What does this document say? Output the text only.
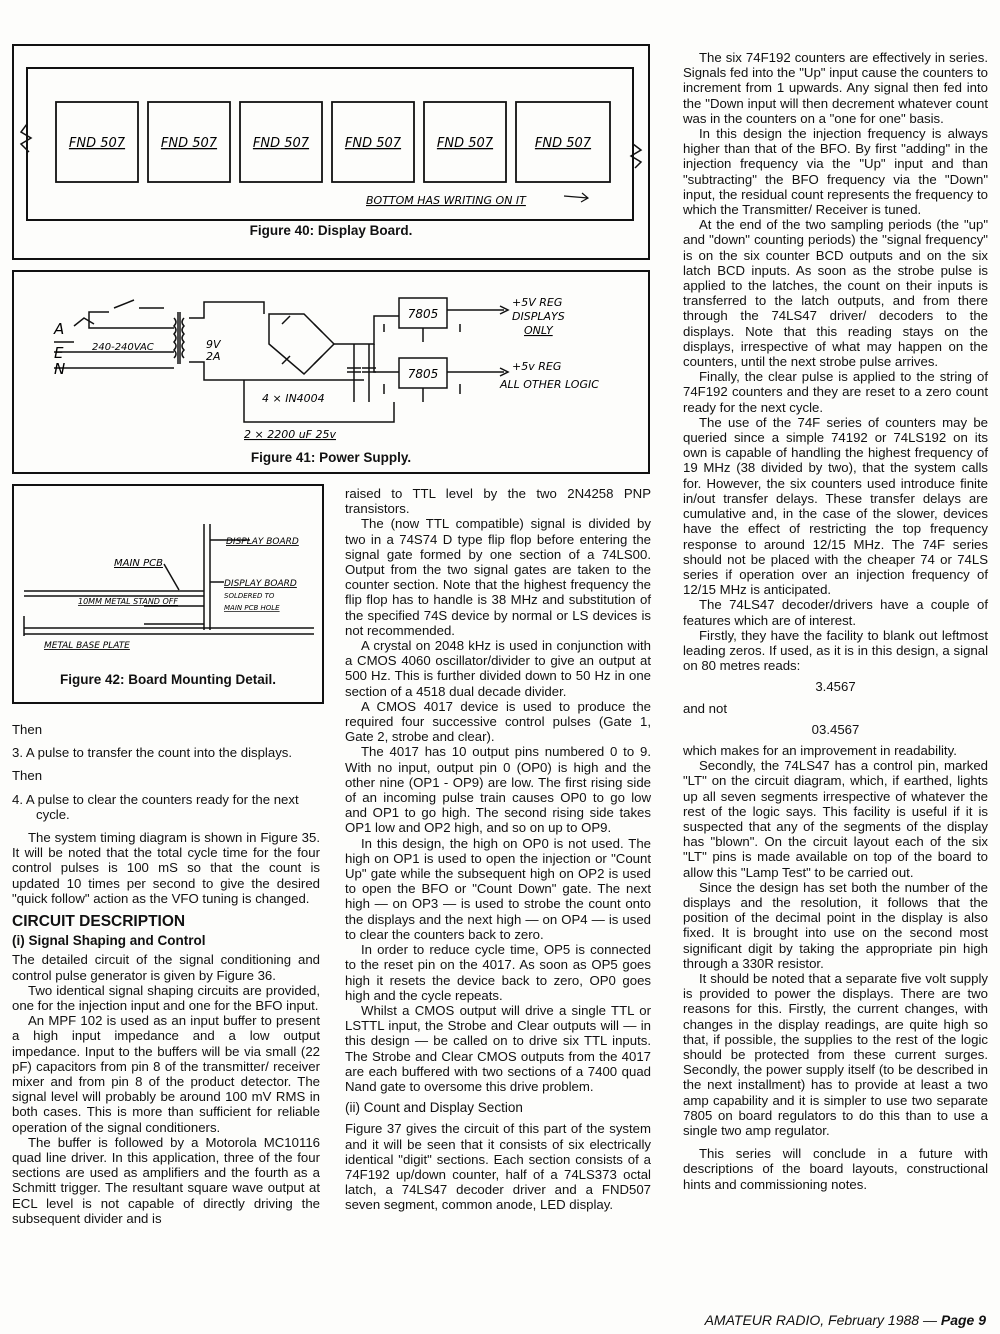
FND 507	FND 507	FND 507	FND 507	FND 507	FND 507
BOTTOM HAS WRITING ON IT
Figure 40: Display Board.
A
E
N
240-240VAC	9V
2A
4 × IN4004
2 × 2200 uF 25v
7805
7805
+5V REG
DISPLAYS
ONLY
+5v REG
ALL OTHER LOGIC
Figure 41: Power Supply.
DISPLAY BOARD
MAIN PCB
10MM METAL STAND OFF
DISPLAY BOARD
SOLDERED TO
MAIN PCB HOLE
METAL BASE PLATE
Figure 42: Board Mounting Detail.

Then

3. A pulse to transfer the count into the displays.

Then

4. A pulse to clear the counters ready for the next cycle.

The system timing diagram is shown in Figure 35. It will be noted that the total cycle time for the four control pulses is 100 mS so that the count is updated 10 times per second to give the desired "quick follow" action as the VFO tuning is changed.

CIRCUIT DESCRIPTION
(i) Signal Shaping and Control

The detailed circuit of the signal conditioning and control pulse generator is given by Figure 36.

Two identical signal shaping circuits are provided, one for the injection input and one for the BFO input.

An MPF 102 is used as an input buffer to present a high input impedance and a low output impedance. Input to the buffers will be via small (22 pF) capacitors from pin 8 of the transmitter/ receiver mixer and from pin 8 of the product detector. The signal level will probably be around 100 mV RMS in both cases. This is more than sufficient for reliable operation of the signal conditioners.

The buffer is followed by a Motorola MC10116 quad line driver. In this application, three of the four sections are used as amplifiers and the fourth as a Schmitt trigger. The resultant square wave output at ECL level is not capable of directly driving the subsequent divider and is

raised to TTL level by the two 2N4258 PNP transistors.

The (now TTL compatible) signal is divided by two in a 74S74 D type flip flop before entering the signal gate formed by one section of a 74LS00. Output from the two signal gates are taken to the counter section. Note that the highest frequency the flip flop has to handle is 38 MHz and substitution of the specified 74S device by normal or LS devices is not recommended.

A crystal on 2048 kHz is used in conjunction with a CMOS 4060 oscillator/divider to give an output at 500 Hz. This is further divided down to 50 Hz in one section of a 4518 dual decade divider.

A CMOS 4017 device is used to produce the required four successive control pulses (Gate 1, Gate 2, strobe and clear).

The 4017 has 10 output pins numbered 0 to 9. With no input, output pin 0 (OP0) is high and the other nine (OP1 - OP9) are low. The first rising side of an incoming pulse train causes OP0 to go low and OP1 to go high. The second rising side takes OP1 low and OP2 high, and so on up to OP9.

In this design, the high on OP0 is not used. The high on OP1 is used to open the injection or "Count Up" gate while the subsequent high on OP2 is used to open the BFO or "Count Down" gate. The next high — on OP3 — is used to strobe the count onto the displays and the next high — on OP4 — is used to clear the counters back to zero.

In order to reduce cycle time, OP5 is connected to the reset pin on the 4017. As soon as OP5 goes high it resets the device back to zero, OP0 goes high and the cycle repeats.

Whilst a CMOS output will drive a single TTL or LSTTL input, the Strobe and Clear outputs will — in this design — be called on to drive six TTL inputs. The Strobe and Clear CMOS outputs from the 4017 are each buffered with two sections of a 7400 quad Nand gate to oversome this drive problem.

(ii) Count and Display Section

Figure 37 gives the circuit of this part of the system and it will be seen that it consists of six electrically identical "digit" sections. Each section consists of a 74F192 up/down counter, half of a 74LS373 octal latch, a 74LS47 decoder driver and a FND507 seven segment, common anode, LED display.

The six 74F192 counters are effectively in series. Signals fed into the "Up" input cause the counters to increment from 1 upwards. Any signal then fed into the "Down input will then decrement whatever count was in the counters on a "one for one" basis.

In this design the injection frequency is always higher than that of the BFO. By first "adding" in the injection frequency via the "Up" input and than "subtracting" the BFO frequency via the "Down" input, the residual count represents the frequency to which the Transmitter/ Receiver is tuned.

At the end of the two sampling periods (the "up" and "down" counting periods) the "signal frequency" is on the six counter BCD outputs and on the six latch BCD inputs. As soon as the strobe pulse is applied to the latches, the count on their inputs is transferred to the latch outputs, and from there through the 74LS47 driver/ decoders to the displays. Note that this reading stays on the displays, irrespective of what may happen on the counters, until the next strobe pulse arrives.

Finally, the clear pulse is applied to the string of 74F192 counters and they are reset to a zero count ready for the next cycle.

The use of the 74F series of counters may be queried since a simple 74192 or 74LS192 on its own is capable of handling the highest frequency of 19 MHz (38 divided by two), that the system calls for. However, the six counters used introduce finite in/out transfer delays. These transfer delays are cumulative and, in the case of the slower, devices have the effect of restricting the top frequency response to around 12/15 MHz. The 74F series should not be placed with the cheaper 74 or 74LS series if operation over an injection frequency of 12/15 MHz is anticipated.

The 74LS47 decoder/drivers have a couple of features which are of interest.

Firstly, they have the facility to blank out leftmost leading zeros. If used, as it is in this design, a signal on 80 metres reads:

3.4567

and not

03.4567

which makes for an improvement in readability.

Secondly, the 74LS47 has a control pin, marked "LT" on the circuit diagram, which, if earthed, lights up all seven segments irrespective of whatever the rest of the logic says. This facility is useful if it is suspected that any of the segments of the display has "blown". On the circuit layout each of the six "LT" pins is made available on top of the board to allow this "Lamp Test" to be carried out.

Since the design has set both the number of the displays and the resolution, it follows that the position of the decimal point in the display is also fixed. It is brought into use on the second most significant digit by taking the appropriate pin high through a 330R resistor.

It should be noted that a separate five volt supply is provided to power the displays. There are two reasons for this. Firstly, the current changes, with changes in the display readings, are quite high so that, if possible, the supplies to the rest of the logic should be protected from these current surges. Secondly, the power supply itself (to be described in the next installment) has to provide at least a two amp capability and it is simpler to use two separate 7805 on board regulators to do this than to use a single two amp regulator.

This series will conclude in a future with descriptions of the board layouts, constructional hints and commissioning notes.

AMATEUR RADIO, February 1988 — Page 9
